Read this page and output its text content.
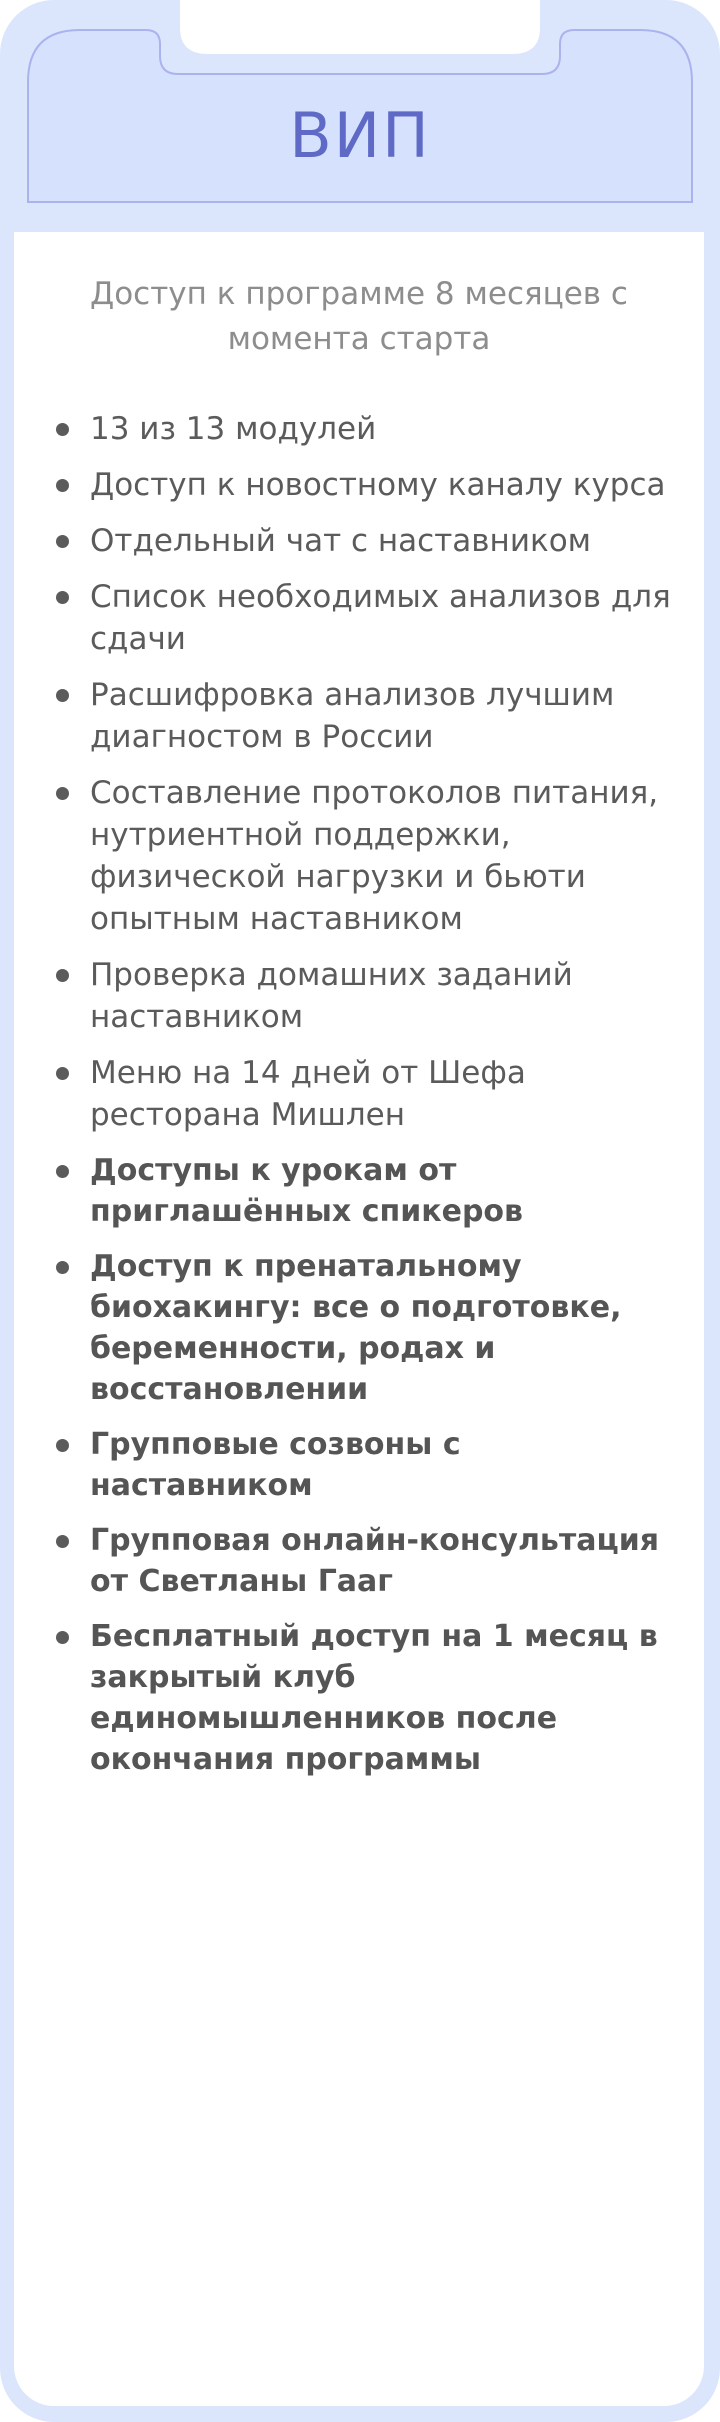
ВИП

Доступ к программе 8 месяцев с момента старта

13 из 13 модулей
Доступ к новостному каналу курса
Отдельный чат с наставником
Список необходимых анализов для сдачи
Расшифровка анализов лучшим диагностом в России
Составление протоколов питания, нутриентной поддержки, физической нагрузки и бьюти опытным наставником
Проверка домашних заданий наставником
Меню на 14 дней от Шефа ресторана Мишлен
Доступы к урокам от приглашённых спикеров
Доступ к пренатальному биохакингу: все о подготовке, беременности, родах и восстановлении
Групповые созвоны с наставником
Групповая онлайн-консультация от Светланы Гааг
Бесплатный доступ на 1 месяц в закрытый клуб единомышленников после окончания программы
